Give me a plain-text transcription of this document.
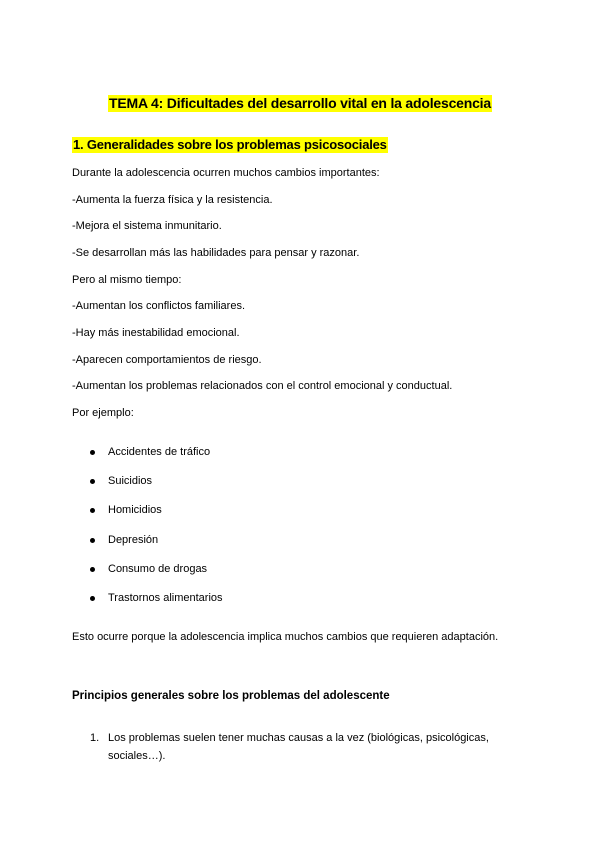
TEMA 4: Dificultades del desarrollo vital en la adolescencia
1. Generalidades sobre los problemas psicosociales
Durante la adolescencia ocurren muchos cambios importantes:
-Aumenta la fuerza física y la resistencia.
-Mejora el sistema inmunitario.
-Se desarrollan más las habilidades para pensar y razonar.
Pero al mismo tiempo:
-Aumentan los conflictos familiares.
-Hay más inestabilidad emocional.
-Aparecen comportamientos de riesgo.
-Aumentan los problemas relacionados con el control emocional y conductual.
Por ejemplo:
Accidentes de tráfico
Suicidios
Homicidios
Depresión
Consumo de drogas
Trastornos alimentarios
Esto ocurre porque la adolescencia implica muchos cambios que requieren adaptación.
Principios generales sobre los problemas del adolescente
1. Los problemas suelen tener muchas causas a la vez (biológicas, psicológicas, sociales…).
